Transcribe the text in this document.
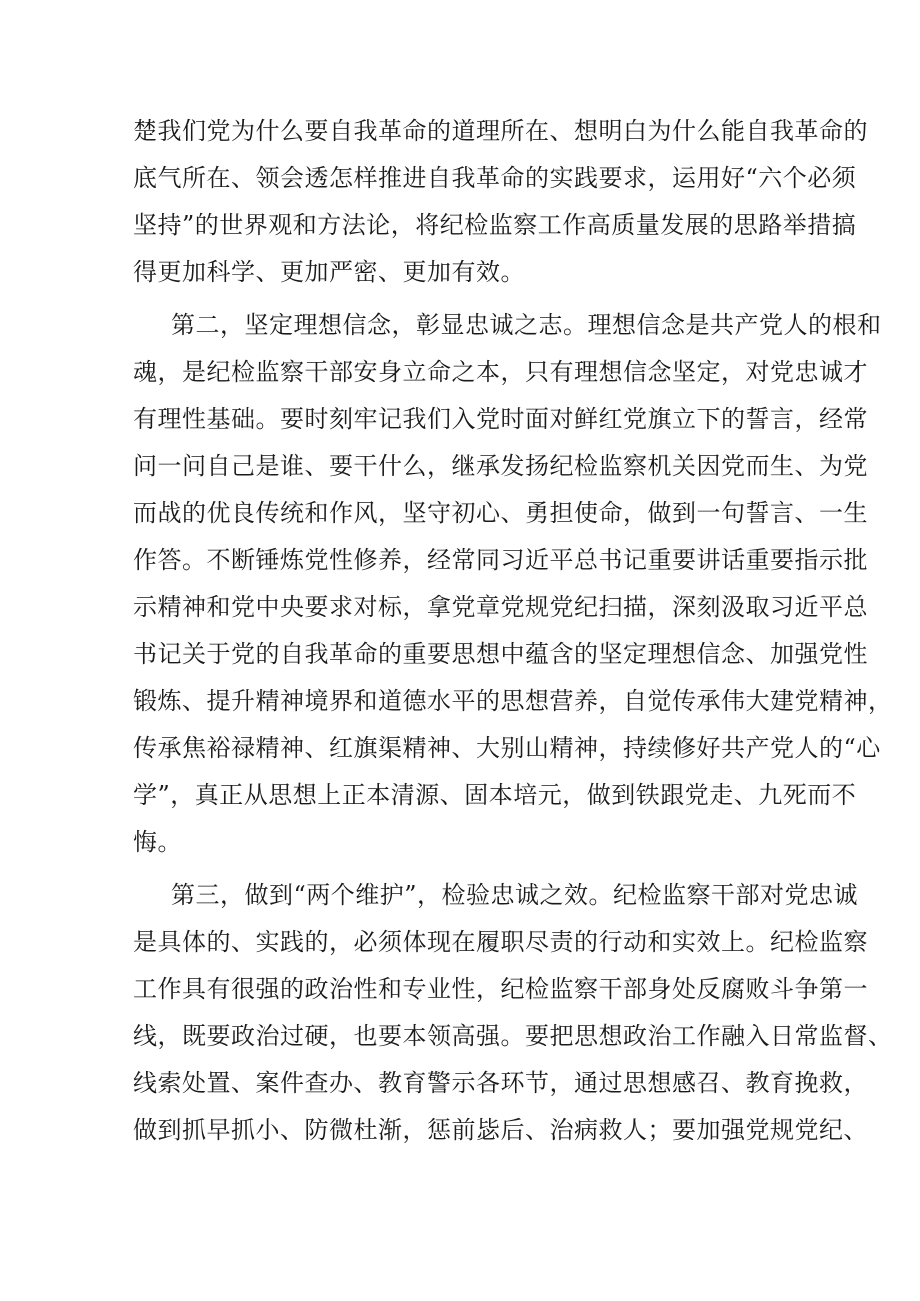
楚我们党为什么要自我革命的道理所在、想明白为什么能自我革命的
底气所在、领会透怎样推进自我革命的实践要求，运用好“六个必须
坚持”的世界观和方法论，将纪检监察工作高质量发展的思路举措搞
得更加科学、更加严密、更加有效。
第二，坚定理想信念，彰显忠诚之志。理想信念是共产党人的根和
魂，是纪检监察干部安身立命之本，只有理想信念坚定，对党忠诚才
有理性基础。要时刻牢记我们入党时面对鲜红党旗立下的誓言，经常
问一问自己是谁、要干什么，继承发扬纪检监察机关因党而生、为党
而战的优良传统和作风，坚守初心、勇担使命，做到一句誓言、一生
作答。不断锤炼党性修养，经常同习近平总书记重要讲话重要指示批
示精神和党中央要求对标，拿党章党规党纪扫描，深刻汲取习近平总
书记关于党的自我革命的重要思想中蕴含的坚定理想信念、加强党性
锻炼、提升精神境界和道德水平的思想营养，自觉传承伟大建党精神，
传承焦裕禄精神、红旗渠精神、大别山精神，持续修好共产党人的“心
学”，真正从思想上正本清源、固本培元，做到铁跟党走、九死而不
悔。
第三，做到“两个维护”，检验忠诚之效。纪检监察干部对党忠诚
是具体的、实践的，必须体现在履职尽责的行动和实效上。纪检监察
工作具有很强的政治性和专业性，纪检监察干部身处反腐败斗争第一
线，既要政治过硬，也要本领高强。要把思想政治工作融入日常监督、
线索处置、案件查办、教育警示各环节，通过思想感召、教育挽救，
做到抓早抓小、防微杜渐，惩前毖后、治病救人；要加强党规党纪、
